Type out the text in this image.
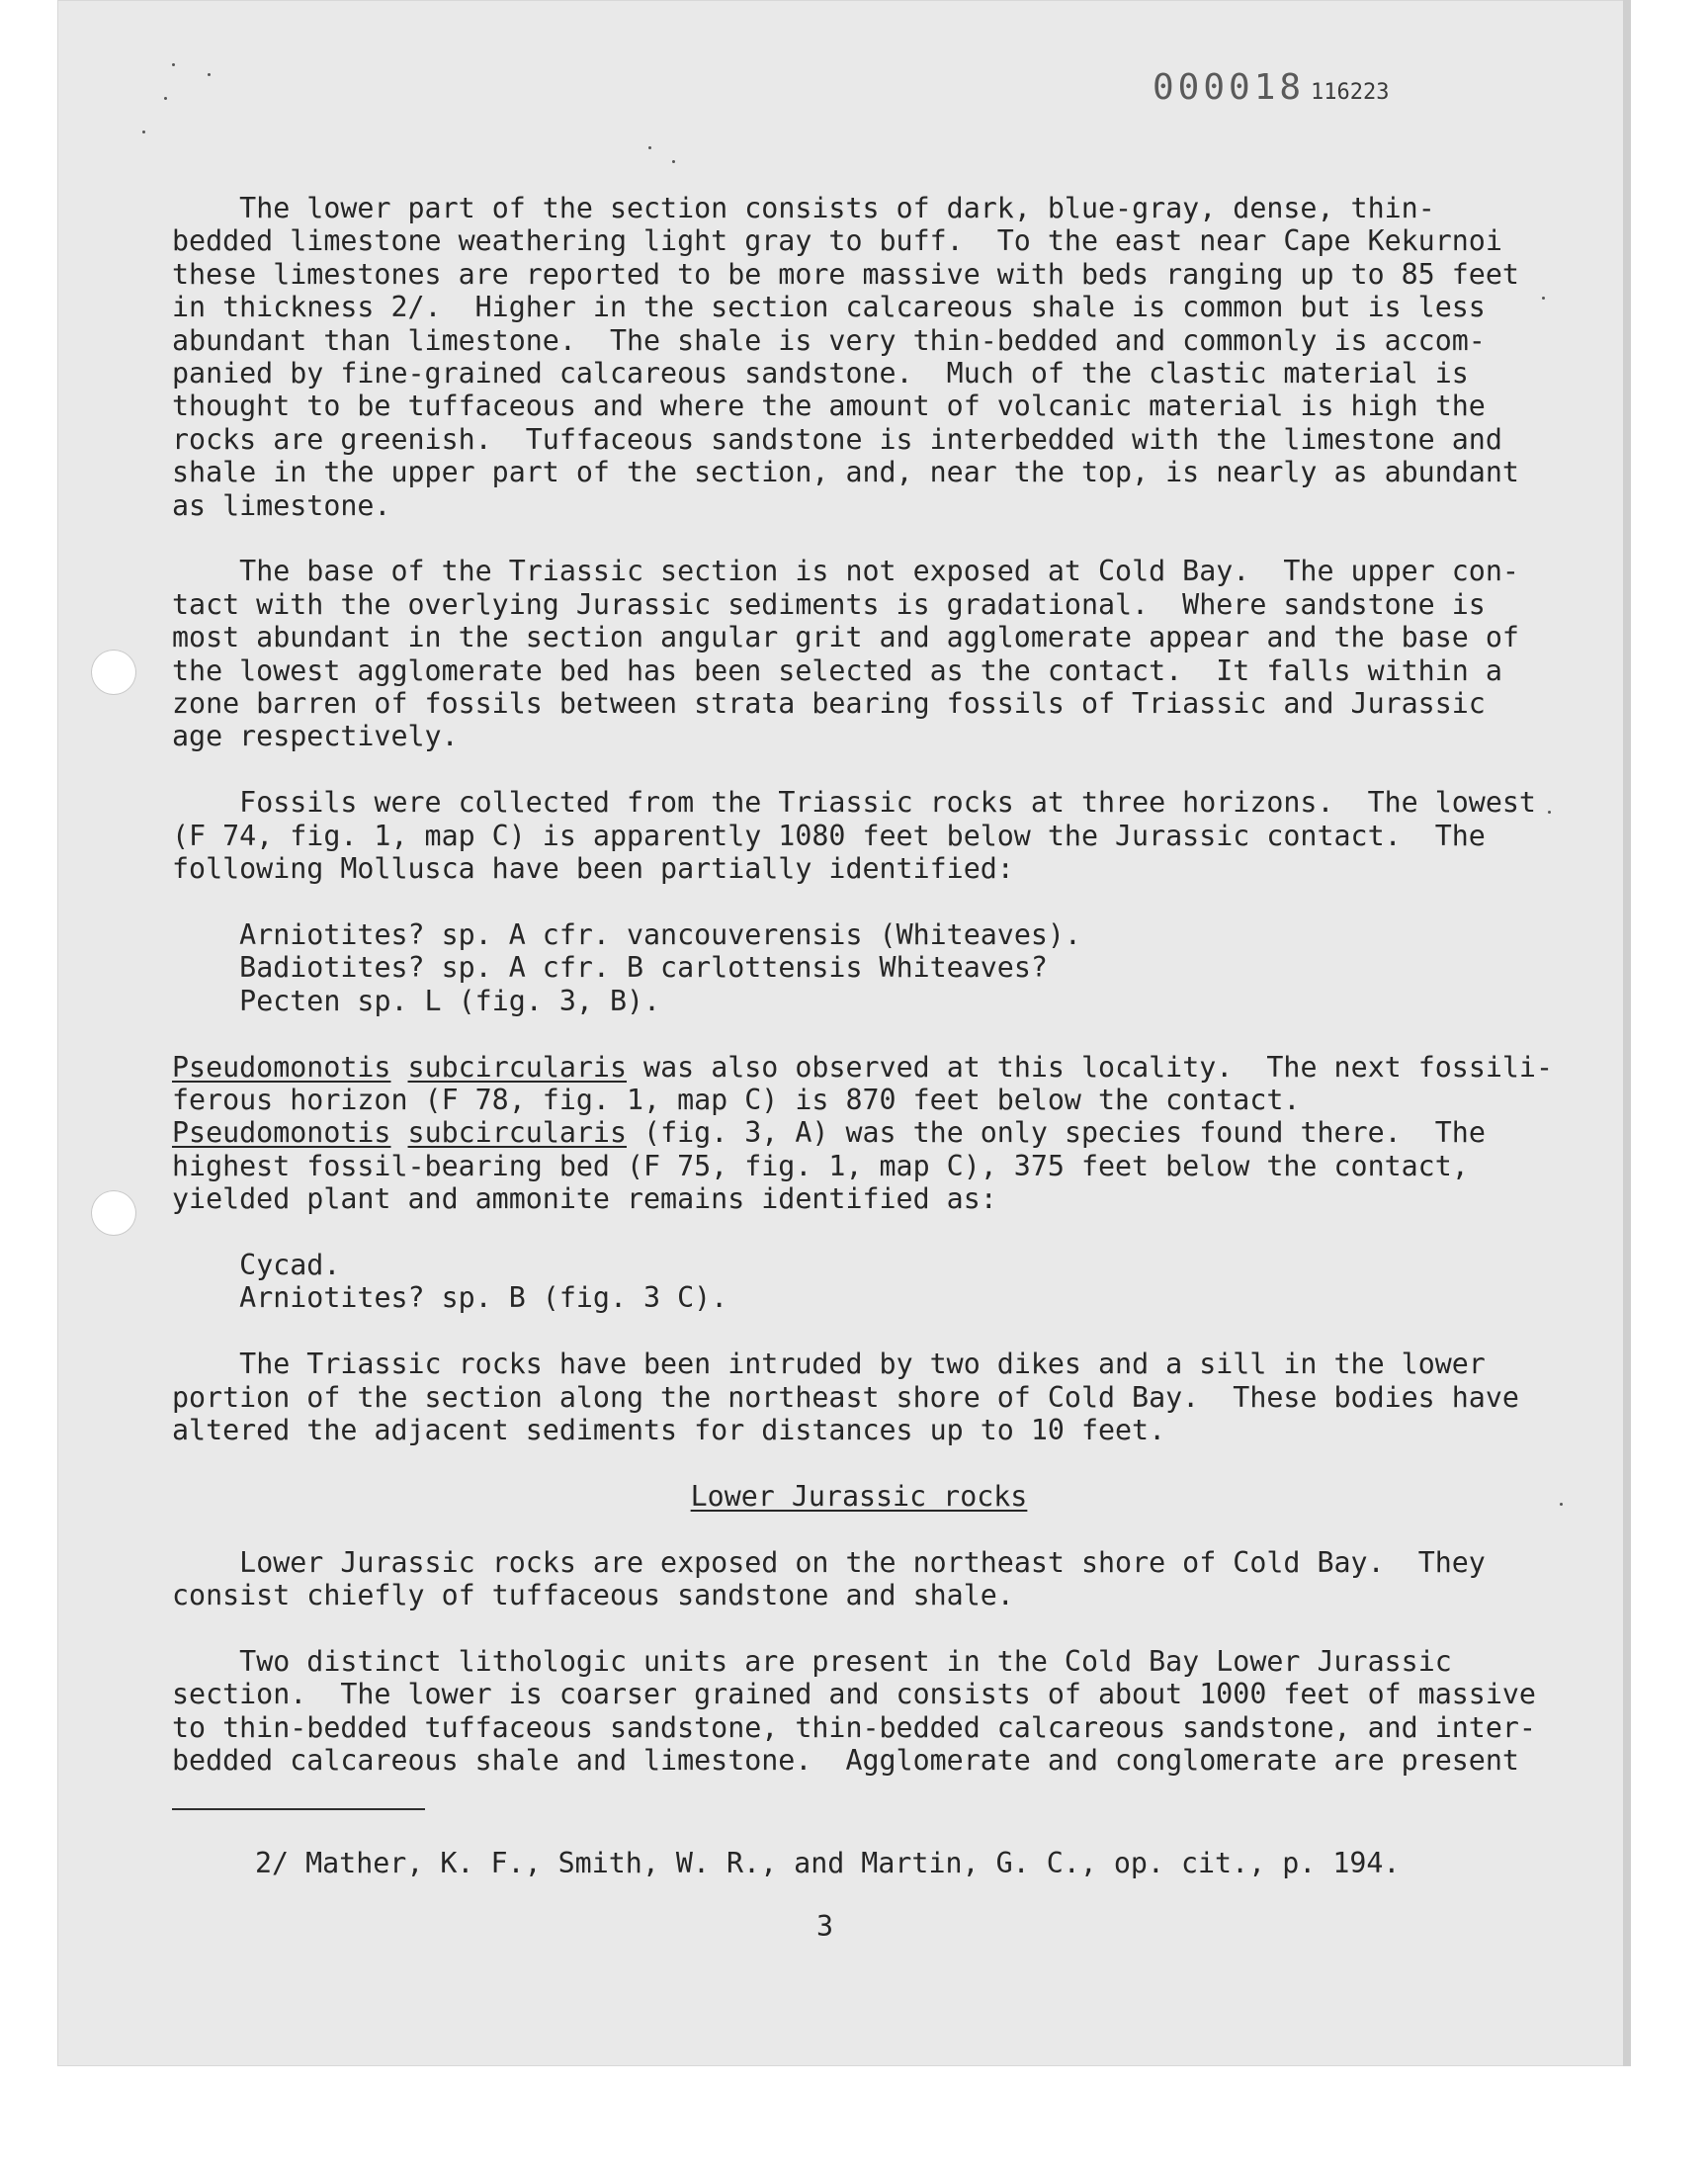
000018 116223

The lower part of the section consists of dark, blue-gray, dense, thin-

bedded limestone weathering light gray to buff.  To the east near Cape Kekurnoi

these limestones are reported to be more massive with beds ranging up to 85 feet

in thickness 2/.  Higher in the section calcareous shale is common but is less

abundant than limestone.  The shale is very thin-bedded and commonly is accom-

panied by fine-grained calcareous sandstone.  Much of the clastic material is

thought to be tuffaceous and where the amount of volcanic material is high the

rocks are greenish.  Tuffaceous sandstone is interbedded with the limestone and

shale in the upper part of the section, and, near the top, is nearly as abundant

as limestone.

The base of the Triassic section is not exposed at Cold Bay.  The upper con-

tact with the overlying Jurassic sediments is gradational.  Where sandstone is

most abundant in the section angular grit and agglomerate appear and the base of

the lowest agglomerate bed has been selected as the contact.  It falls within a

zone barren of fossils between strata bearing fossils of Triassic and Jurassic

age respectively.

Fossils were collected from the Triassic rocks at three horizons.  The lowest

(F 74, fig. 1, map C) is apparently 1080 feet below the Jurassic contact.  The

following Mollusca have been partially identified:

Arniotites? sp. A cfr. vancouverensis (Whiteaves).

Badiotites? sp. A cfr. B carlottensis Whiteaves?

Pecten sp. L (fig. 3, B).

Pseudomonotis subcircularis was also observed at this locality.  The next fossili-

ferous horizon (F 78, fig. 1, map C) is 870 feet below the contact.

Pseudomonotis subcircularis (fig. 3, A) was the only species found there.  The

highest fossil-bearing bed (F 75, fig. 1, map C), 375 feet below the contact,

yielded plant and ammonite remains identified as:

Cycad.

Arniotites? sp. B (fig. 3 C).

The Triassic rocks have been intruded by two dikes and a sill in the lower

portion of the section along the northeast shore of Cold Bay.  These bodies have

altered the adjacent sediments for distances up to 10 feet.

Lower Jurassic rocks

Lower Jurassic rocks are exposed on the northeast shore of Cold Bay.  They

consist chiefly of tuffaceous sandstone and shale.

Two distinct lithologic units are present in the Cold Bay Lower Jurassic

section.  The lower is coarser grained and consists of about 1000 feet of massive

to thin-bedded tuffaceous sandstone, thin-bedded calcareous sandstone, and inter-

bedded calcareous shale and limestone.  Agglomerate and conglomerate are present

2/ Mather, K. F., Smith, W. R., and Martin, G. C., op. cit., p. 194.
3
